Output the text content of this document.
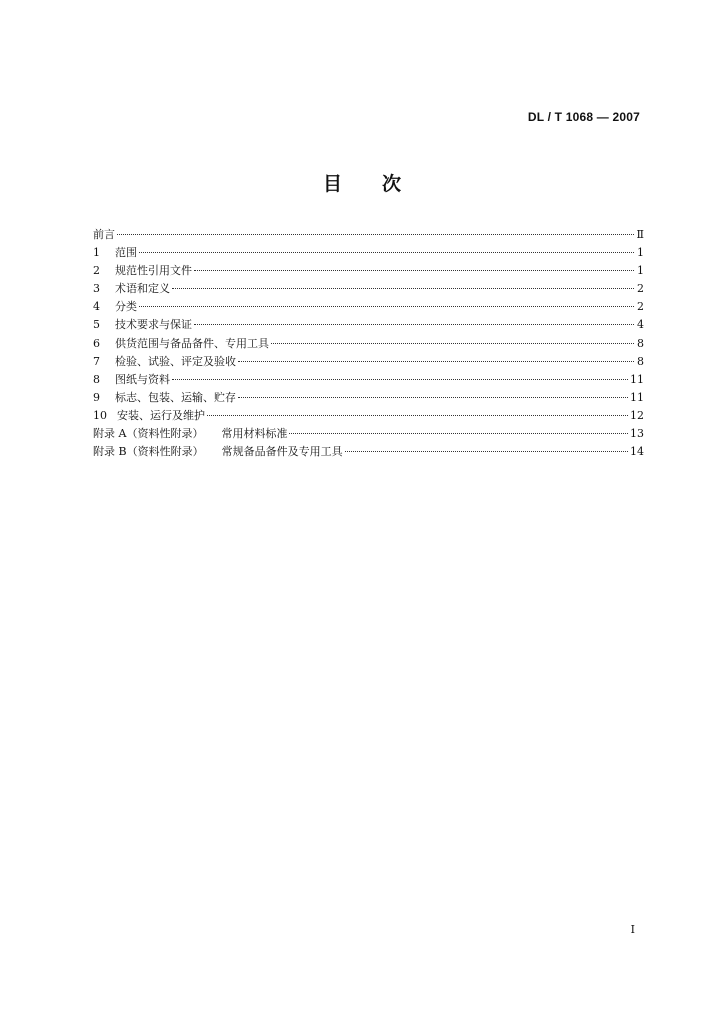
DL / T 1068 — 2007
目 次
前言	Ⅱ
1	范围	1
2	规范性引用文件	1
3	术语和定义	2
4	分类	2
5	技术要求与保证	4
6	供货范围与备品备件、专用工具	8
7	检验、试验、评定及验收	8
8	图纸与资料	11
9	标志、包装、运输、贮存	11
10 安装、运行及维护	12
附录 A（资料性附录） 常用材料标准	13
附录 B（资料性附录） 常规备品备件及专用工具	14
I
